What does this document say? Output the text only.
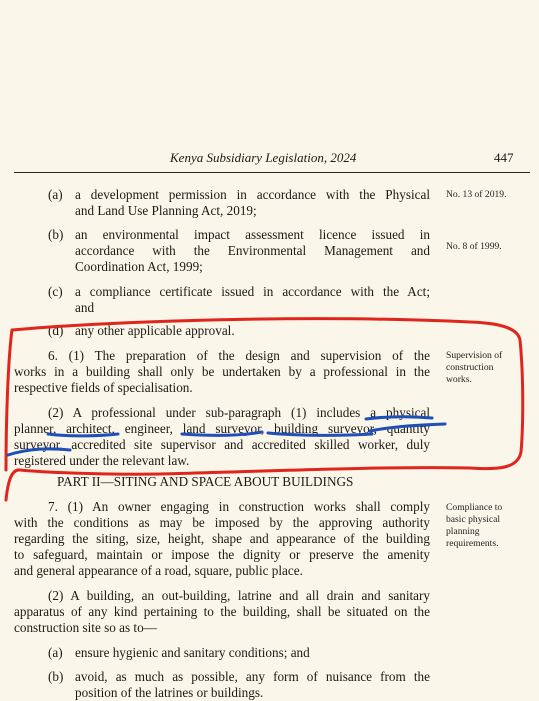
Kenya Subsidiary Legislation, 2024	447
(a) a development permission in accordance with the Physical
and Land Use Planning Act, 2019;
No. 13 of 2019.
(b) an environmental impact assessment licence issued in
accordance with the Environmental Management and
Coordination Act, 1999;
No. 8 of 1999.
(c) a compliance certificate issued in accordance with the Act;
and
(d) any other applicable approval.
6. (1) The preparation of the design and supervision of the
works in a building shall only be undertaken by a professional in the
respective fields of specialisation.
Supervision of
construction
works.
(2) A professional under sub-paragraph (1) includes a physical
planner, architect, engineer, land surveyor, building surveyor, quantity
surveyor, accredited site supervisor and accredited skilled worker, duly
registered under the relevant law.
PART II—SITING AND SPACE ABOUT BUILDINGS
7. (1) An owner engaging in construction works shall comply
with the conditions as may be imposed by the approving authority
regarding the siting, size, height, shape and appearance of the building
to safeguard, maintain or impose the dignity or preserve the amenity
and general appearance of a road, square, public place.
Compliance to
basic physical
planning
requirements.
(2) A building, an out-building, latrine and all drain and sanitary
apparatus of any kind pertaining to the building, shall be situated on the
construction site so as to—
(a) ensure hygienic and sanitary conditions; and
(b) avoid, as much as possible, any form of nuisance from the
position of the latrines or buildings.
